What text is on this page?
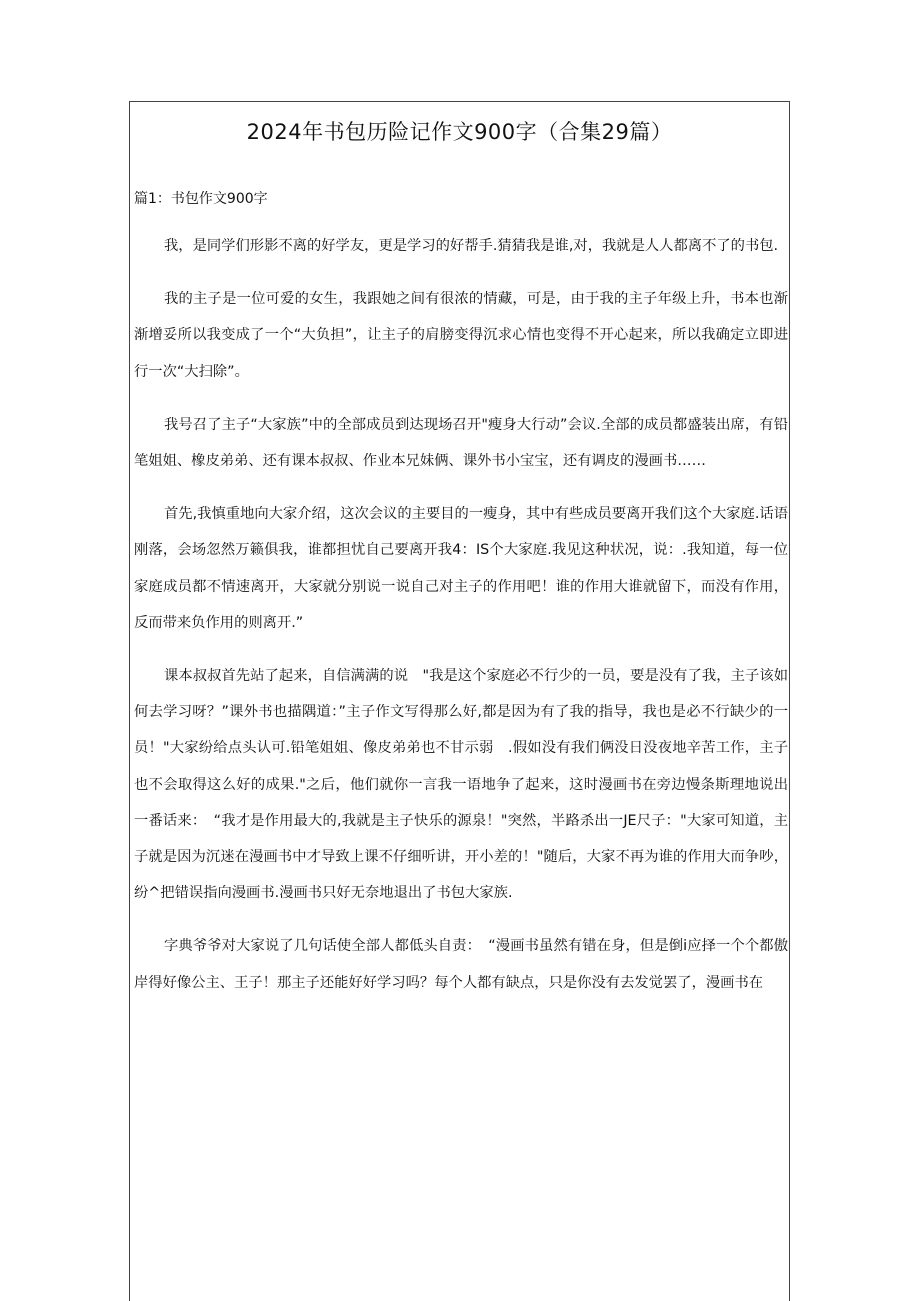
2024年书包历险记作文900字（合集29篇）
篇1：书包作文900字

我，是同学们形影不离的好学友，更是学习的好帮手.猜猜我是谁,对，我就是人人都离不了的书包.

我的主子是一位可爱的女生，我跟她之间有很浓的情藏，可是，由于我的主子年级上升，书本也渐渐增妥所以我变成了一个“大负担”，让主子的肩膀变得沉求心情也变得不开心起来，所以我确定立即进行一次“大扫除”。

我号召了主子“大家族”中的全部成员到达现场召开"瘦身大行动”会议.全部的成员都盛装出席，有铅笔姐姐、橡皮弟弟、还有课本叔叔、作业本兄妹俩、课外书小宝宝，还有调皮的漫画书……

首先,我慎重地向大家介绍，这次会议的主要目的一瘦身，其中有些成员要离开我们这个大家庭.话语刚落，会场忽然万籁俱我，谁都担忧自己要离开我4：IS个大家庭.我见这种状况，说：.我知道，每一位家庭成员都不情速离开，大家就分别说一说自己对主子的作用吧！谁的作用大谁就留下，而没有作用，反而带来负作用的则离开.”

课本叔叔首先站了起来，自信满满的说　"我是这个家庭必不行少的一员，要是没有了我，主子该如何去学习呀？”课外书也描隅道：”主子作文写得那么好,都是因为有了我的指导，我也是必不行缺少的一员！"大家纷给点头认可.铅笔姐姐、像皮弟弟也不甘示弱　.假如没有我们俩没日没夜地辛苦工作，主子也不会取得这么好的成果."之后，他们就你一言我一语地争了起来，这时漫画书在旁边慢条斯理地说出一番话来：　“我才是作用最大的,我就是主子快乐的源泉！"突然，半路杀出一JE尺子："大家可知道，主子就是因为沉迷在漫画书中才导致上课不仔细听讲，开小差的！"随后，大家不再为谁的作用大而争吵，纷^把错误指向漫画书.漫画书只好无奈地退出了书包大家族.

字典爷爷对大家说了几句话使全部人都低头自责：　“漫画书虽然有错在身，但是倒i应择一个个都傲岸得好像公主、王子！那主子还能好好学习吗？每个人都有缺点，只是你没有去发觉罢了，漫画书在
